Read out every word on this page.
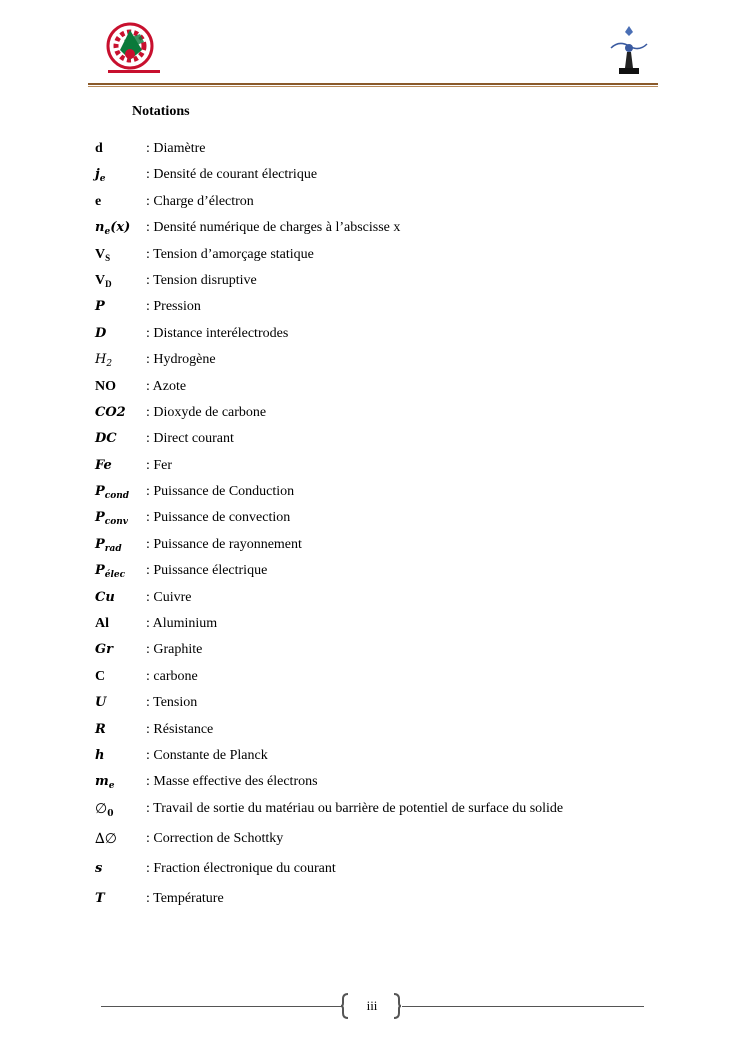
Notations
d	: Diamètre
$j_e$	: Densité de courant électrique
e	: Charge d’électron
$n_e(x)$ : Densité numérique de charges à l’abscisse x
$V_S$	: Tension d’amorçage statique
$V_D$ : Tension disruptive
P	: Pression
D	: Distance interélectrodes
$H_2$ : Hydrogène
NO : Azote
CO2 : Dioxyde de carbone
DC : Direct courant
Fe : Fer
$P_{cond}$ : Puissance de Conduction
$P_{conv}$ : Puissance de convection
$P_{rad}$ : Puissance de rayonnement
$P_{élec}$ : Puissance électrique
Cu : Cuivre
Al	: Aluminium
Gr : Graphite
C	: carbone
U	: Tension
R	: Résistance
h	: Constante de Planck
$m_e$ : Masse effective des électrons
$\emptyset_0$ : Travail de sortie du matériau ou barrière de potentiel de surface du solide
∆∅ : Correction de Schottky
s	: Fraction électronique du courant
T	: Température
iii
